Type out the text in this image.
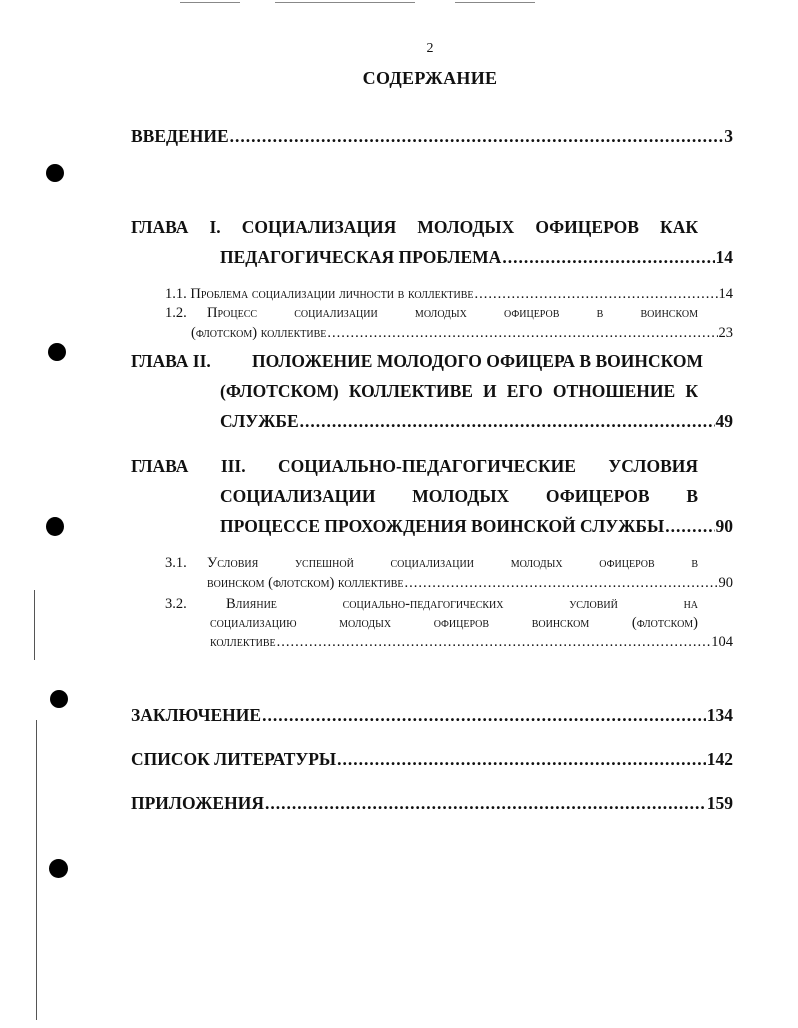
2
СОДЕРЖАНИЕ
ВВЕДЕНИЕ .....	3
ГЛАВА I. СОЦИАЛИЗАЦИЯ МОЛОДЫХ ОФИЦЕРОВ КАК
ПЕДАГОГИЧЕСКАЯ ПРОБЛЕМА .....	14
1.1. Проблема социализации личности в коллективе .....	14
1.2. Процесс	социализации	молодых	офицеров	в	воинском
(флотском) коллективе .....	23
ГЛАВА II. ПОЛОЖЕНИЕ МОЛОДОГО ОФИЦЕРА В ВОИНСКОМ
(ФЛОТСКОМ) КОЛЛЕКТИВЕ И ЕГО ОТНОШЕНИЕ К
СЛУЖБЕ .....	49
ГЛАВА III. СОЦИАЛЬНО-ПЕДАГОГИЧЕСКИЕ УСЛОВИЯ
СОЦИАЛИЗАЦИИ МОЛОДЫХ ОФИЦЕРОВ В
ПРОЦЕССЕ ПРОХОЖДЕНИЯ ВОИНСКОЙ СЛУЖБЫ .....	90
3.1. Условия	успешной	социализации	молодых	офицеров	в
воинском (флотском) коллективе .....	90
3.2.	Влияние	социально-педагогических	условий	на
социализацию	молодых	офицеров	воинском	(флотском)
коллективе .....	104
ЗАКЛЮЧЕНИЕ .....	134
СПИСОК ЛИТЕРАТУРЫ .....	142
ПРИЛОЖЕНИЯ .....	159
